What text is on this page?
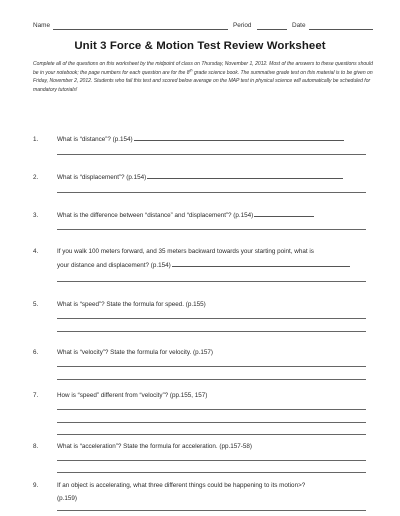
Name	Period	Date
Unit 3 Force & Motion Test Review Worksheet
Complete all of the questions on this worksheet by the midpoint of class on Thursday, November 1, 2012. Most of the answers to these questions should be in your notebook; the page numbers for each question are for the 8th grade science book. The summative grade test on this material is to be given on Friday, November 2, 2012. Students who fail this test and scored below average on the MAP test in physical science will automatically be scheduled for mandatory tutorials!
1.	What is “distance”? (p.154)
2.	What is “displacement”? (p.154)
3.	What is the difference between “distance” and “displacement”? (p.154)
4.	If you walk 100 meters forward, and 35 meters backward towards your starting point, what is
your distance and displacement? (p.154)
5.	What is “speed”? State the formula for speed. (p.155)
6.	What is “velocity”? State the formula for velocity. (p.157)
7.	How is “speed” different from “velocity”? (pp.155, 157)
8.	What is “acceleration”? State the formula for acceleration. (pp.157-58)
9.	If an object is accelerating, what three different things could be happening to its motion>?
(p.159)
